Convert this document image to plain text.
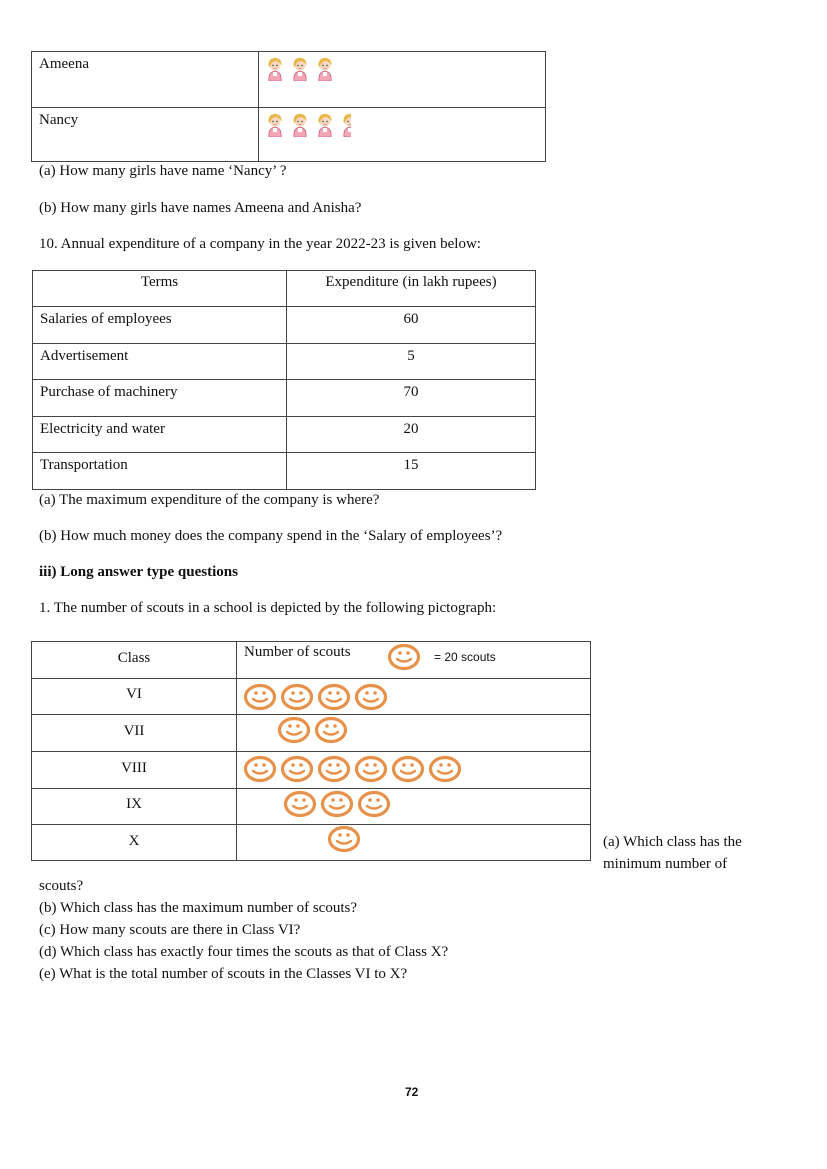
Ameena

Nancy

(a) How many girls have name ‘Nancy’ ?
(b) How many girls have names Ameena and Anisha?
10. Annual expenditure of a company in the year 2022-23 is given below:
Terms	Expenditure (in lakh rupees)

Salaries of employees	60

Advertisement	5

Purchase of machinery	70

Electricity and water	20

Transportation	15
(a) The maximum expenditure of the company is where?
(b) How much money does the company spend in the ‘Salary of employees’?
iii) Long answer type questions
1. The number of scouts in a school is depicted by the following pictograph:
Class	Number of scouts = 20 scouts

VI

VII

VIII

IX

X
		(a) Which class has the
minimum number of
scouts?
(b) Which class has the maximum number of scouts?
(c) How many scouts are there in Class VI?
(d) Which class has exactly four times the scouts as that of Class X?
(e) What is the total number of scouts in the Classes VI to X?
72
